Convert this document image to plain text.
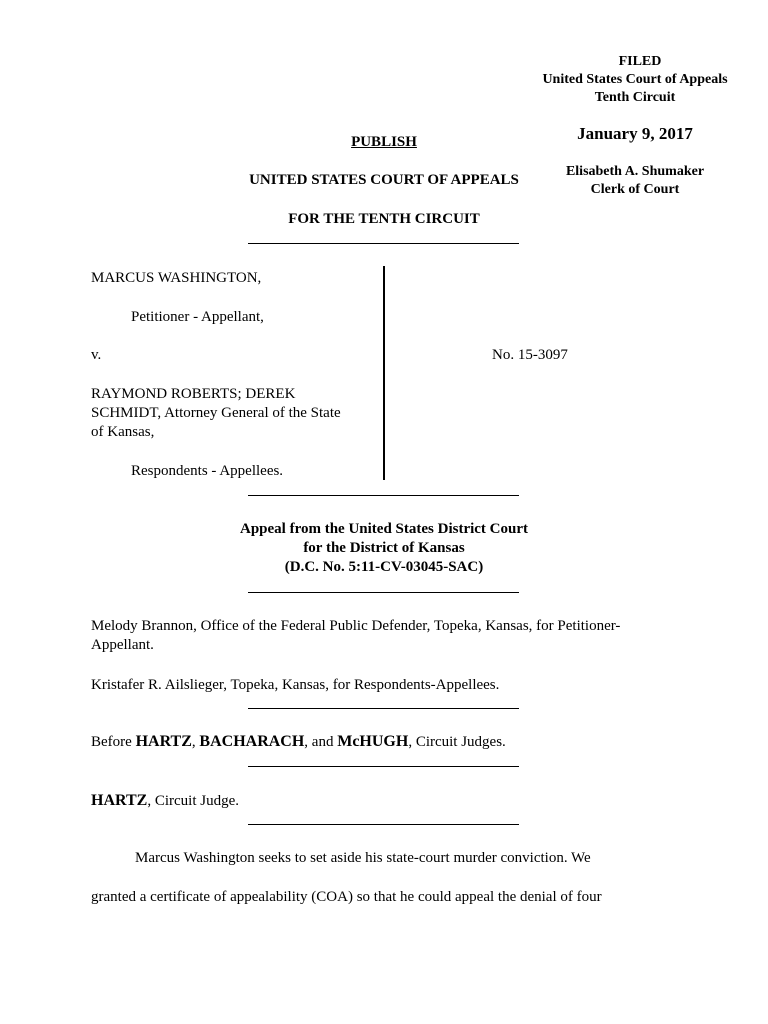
FILED
United States Court of Appeals
Tenth Circuit
January 9, 2017
Elisabeth A. Shumaker
Clerk of Court
PUBLISH
UNITED STATES COURT OF APPEALS
FOR THE TENTH CIRCUIT
MARCUS WASHINGTON,
Petitioner - Appellant,
v.
RAYMOND ROBERTS; DEREK
SCHMIDT, Attorney General of the State
of Kansas,
Respondents - Appellees.
No. 15-3097
Appeal from the United States District Court
for the District of Kansas
(D.C. No. 5:11-CV-03045-SAC)
Melody Brannon, Office of the Federal Public Defender, Topeka, Kansas, for Petitioner-
Appellant.
Kristafer R. Ailslieger, Topeka, Kansas, for Respondents-Appellees.
Before HARTZ, BACHARACH, and McHUGH, Circuit Judges.
HARTZ, Circuit Judge.
Marcus Washington seeks to set aside his state-court murder conviction. We
granted a certificate of appealability (COA) so that he could appeal the denial of four
